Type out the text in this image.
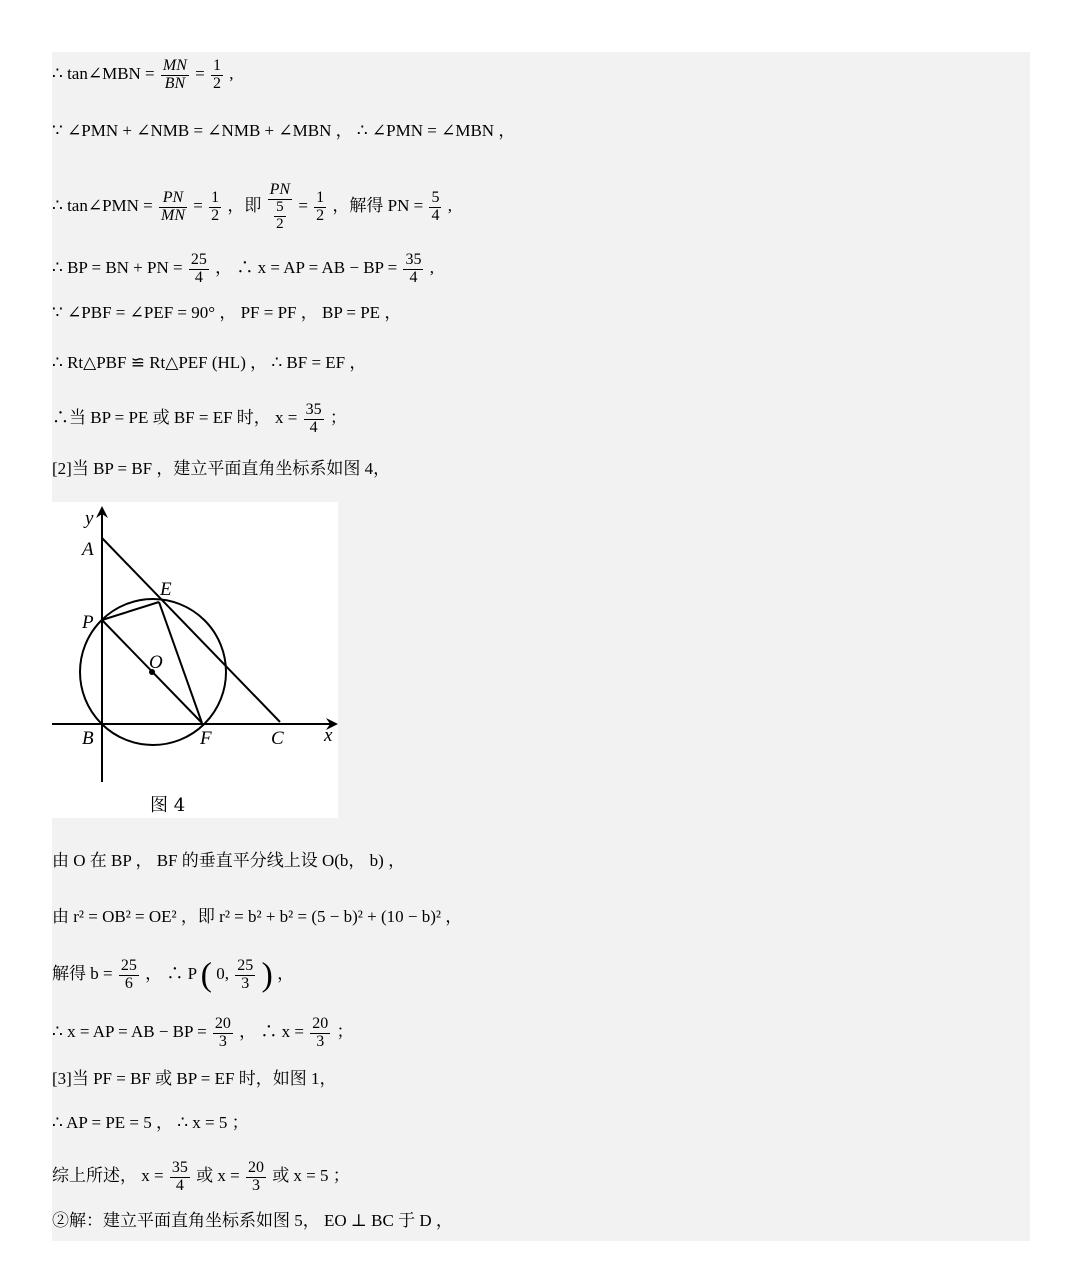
∴ tan∠MBN = $\frac{MN}{BN} = \frac{1}{2}$ ,
∵ ∠PMN + ∠NMB = ∠NMB + ∠MBN ， ∴ ∠PMN = ∠MBN ，
∴ tan∠PMN = $\frac{PN}{MN} = \frac{1}{2}$ ，即 $\frac{PN}{\frac{5}{2}} = \frac{1}{2}$ ，解得 PN = $\frac{5}{4}$ ,
∴ BP = BN + PN = $\frac{25}{4}$ ， ∴ x = AP = AB − BP = $\frac{35}{4}$ ,
∵ ∠PBF = ∠PEF = 90° ， PF = PF ， BP = PE ，
∴ Rt△PBF ≌ Rt△PEF (HL) ， ∴ BF = EF ，
∴当 BP = PE 或 BF = EF 时， $x = \frac{35}{4}$ ；
[2]当 BP = BF ，建立平面直角坐标系如图 4，
y
x
A
E
P
O
B	F	C
图 4
由 O 在 BP ， BF 的垂直平分线上设 O(b， b) ，
由 r² = OB² = OE² ，即 r² = b² + b² = (5 − b)² + (10 − b)² ，
解得 $b = \frac{25}{6}$ ， ∴ P ( 0, $\frac{25}{3}$ ) ，
∴ x = AP = AB − BP = $\frac{20}{3}$ ， ∴ $x = \frac{20}{3}$ ；
[3]当 PF = BF 或 BP = EF 时，如图 1，
∴ AP = PE = 5 ， ∴ x = 5 ；
综上所述， $x = \frac{35}{4}$ 或 $x = \frac{20}{3}$ 或 x = 5 ；
②解：建立平面直角坐标系如图 5， EO ⊥ BC 于 D ，
